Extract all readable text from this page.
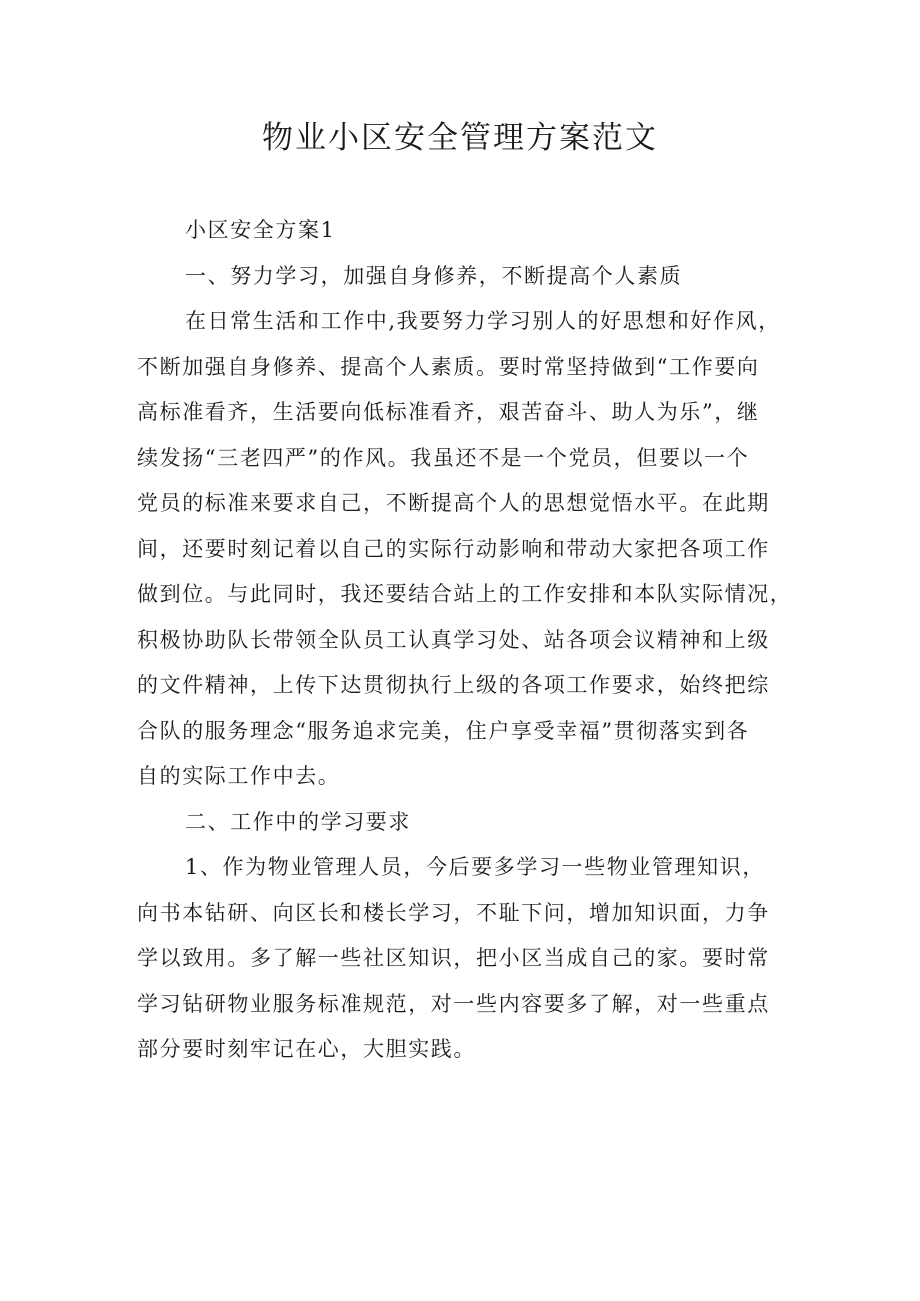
物业小区安全管理方案范文

小区安全方案1

一、努力学习，加强自身修养，不断提高个人素质

在日常生活和工作中,我要努力学习别人的好思想和好作风，
不断加强自身修养、提高个人素质。要时常坚持做到“工作要向
高标准看齐，生活要向低标准看齐，艰苦奋斗、助人为乐”，继
续发扬“三老四严”的作风。我虽还不是一个党员，但要以一个
党员的标准来要求自己，不断提高个人的思想觉悟水平。在此期
间，还要时刻记着以自己的实际行动影响和带动大家把各项工作
做到位。与此同时，我还要结合站上的工作安排和本队实际情况，
积极协助队长带领全队员工认真学习处、站各项会议精神和上级
的文件精神，上传下达贯彻执行上级的各项工作要求，始终把综
合队的服务理念“服务追求完美，住户享受幸福”贯彻落实到各
自的实际工作中去。

二、工作中的学习要求

1、作为物业管理人员，今后要多学习一些物业管理知识，
向书本钻研、向区长和楼长学习，不耻下问，增加知识面，力争
学以致用。多了解一些社区知识，把小区当成自己的家。要时常
学习钻研物业服务标准规范，对一些内容要多了解，对一些重点
部分要时刻牢记在心，大胆实践。
